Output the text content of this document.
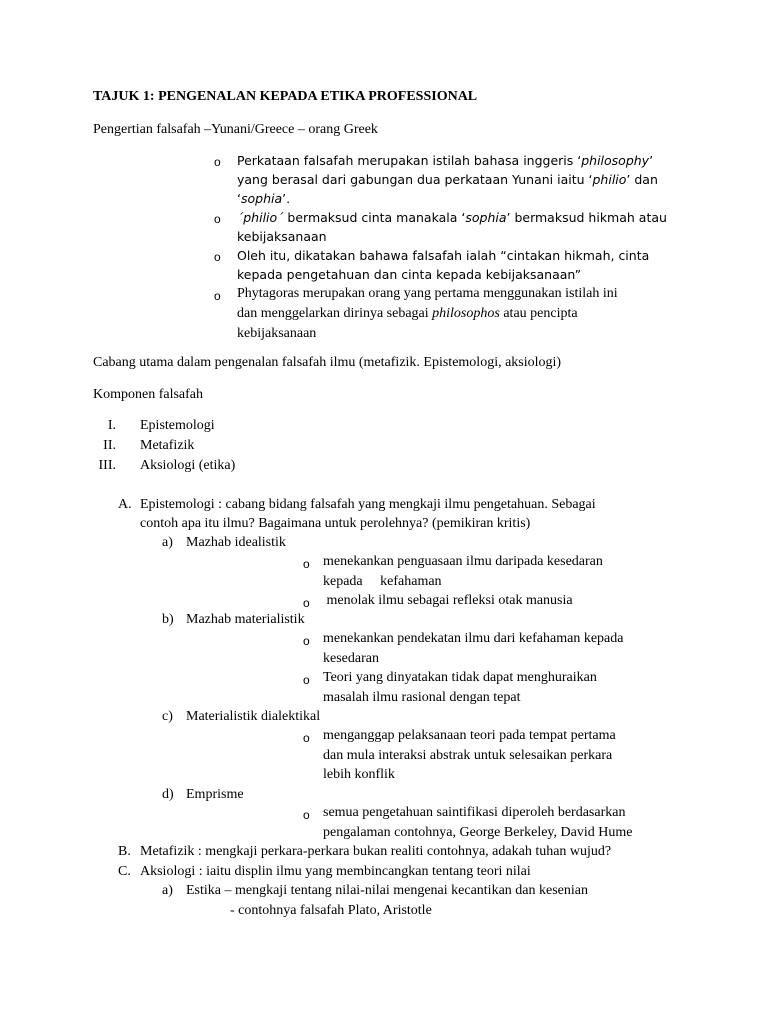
TAJUK 1: PENGENALAN KEPADA ETIKA PROFESSIONAL
Pengertian falsafah –Yunani/Greece – orang Greek
o Perkataan falsafah merupakan istilah bahasa inggeris ‘philosophy’
yang berasal dari gabungan dua perkataan Yunani iaitu ‘philio’ dan
‘sophia’.
o ´philio´ bermaksud cinta manakala ‘sophia’ bermaksud hikmah atau
kebijaksanaan
o Oleh itu, dikatakan bahawa falsafah ialah “cintakan hikmah, cinta
kepada pengetahuan dan cinta kepada kebijaksanaan”
o Phytagoras merupakan orang yang pertama menggunakan istilah ini
dan menggelarkan dirinya sebagai philosophos atau pencipta
kebijaksanaan
Cabang utama dalam pengenalan falsafah ilmu (metafizik. Epistemologi, aksiologi)
Komponen falsafah
I. Epistemologi
II. Metafizik
III. Aksiologi (etika)
A. Epistemologi : cabang bidang falsafah yang mengkaji ilmu pengetahuan. Sebagai
contoh apa itu ilmu? Bagaimana untuk perolehnya? (pemikiran kritis)
a) Mazhab idealistik
o menekankan penguasaan ilmu daripada kesedaran
kepada     kefahaman
o menolak ilmu sebagai refleksi otak manusia
b) Mazhab materialistik
o menekankan pendekatan ilmu dari kefahaman kepada
kesedaran
o Teori yang dinyatakan tidak dapat menghuraikan
masalah ilmu rasional dengan tepat
c) Materialistik dialektikal
o menganggap pelaksanaan teori pada tempat pertama
dan mula interaksi abstrak untuk selesaikan perkara
lebih konflik
d) Emprisme
o semua pengetahuan saintifikasi diperoleh berdasarkan
pengalaman contohnya, George Berkeley, David Hume
B. Metafizik : mengkaji perkara-perkara bukan realiti contohnya, adakah tuhan wujud?
C. Aksiologi : iaitu displin ilmu yang membincangkan tentang teori nilai
a) Estika – mengkaji tentang nilai-nilai mengenai kecantikan dan kesenian
- contohnya falsafah Plato, Aristotle
